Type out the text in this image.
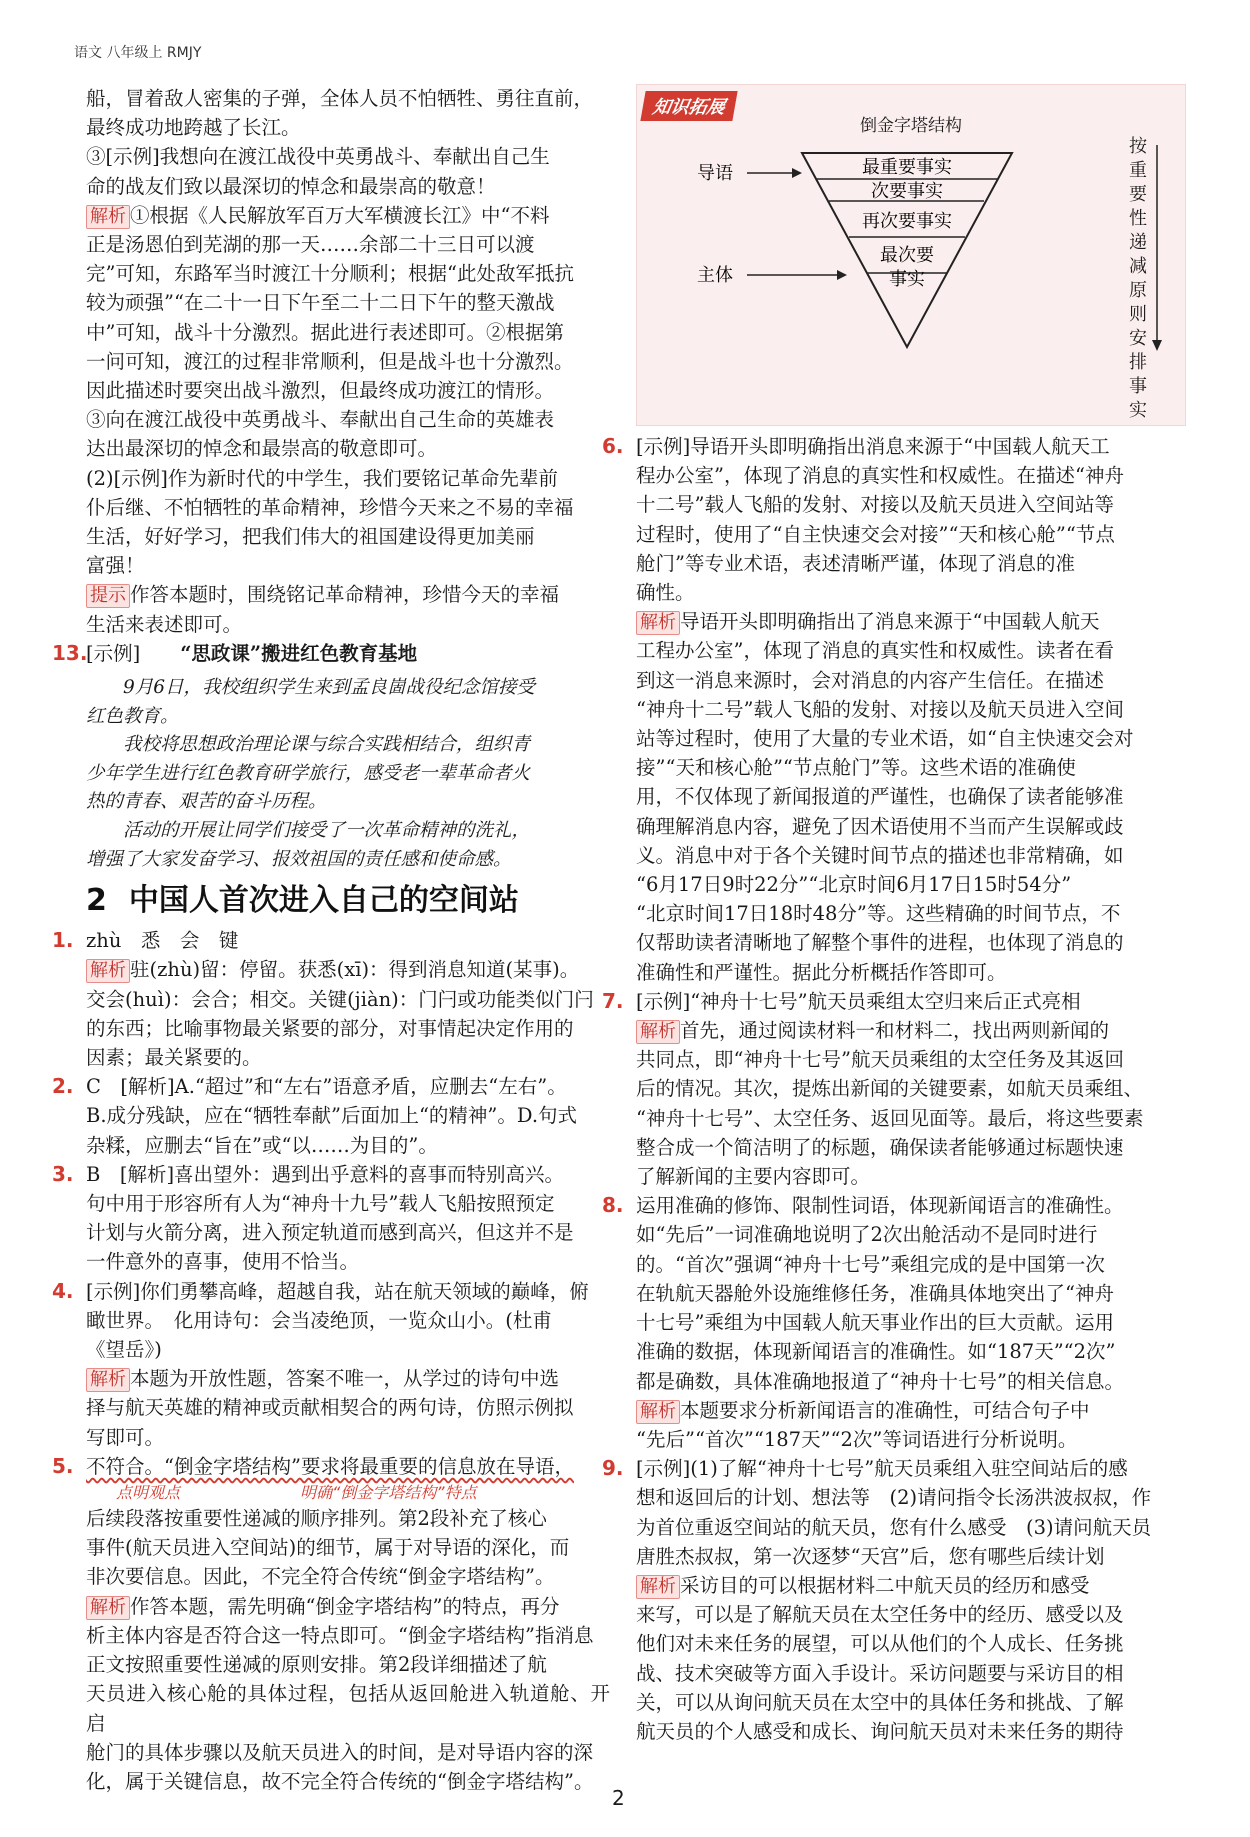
语文 八年级上 RMJY

船，冒着敌人密集的子弹，全体人员不怕牺牲、勇往直前，

最终成功地跨越了长江。

③[示例]我想向在渡江战役中英勇战斗、奉献出自己生

命的战友们致以最深切的悼念和最崇高的敬意！

解析 ①根据《人民解放军百万大军横渡长江》中“不料

正是汤恩伯到芜湖的那一天……余部二十三日可以渡

完”可知，东路军当时渡江十分顺利；根据“此处敌军抵抗

较为顽强”“在二十一日下午至二十二日下午的整天激战

中”可知，战斗十分激烈。据此进行表述即可。②根据第

一问可知，渡江的过程非常顺利，但是战斗也十分激烈。

因此描述时要突出战斗激烈，但最终成功渡江的情形。

③向在渡江战役中英勇战斗、奉献出自己生命的英雄表

达出最深切的悼念和最崇高的敬意即可。

(2)[示例]作为新时代的中学生，我们要铭记革命先辈前

仆后继、不怕牺牲的革命精神，珍惜今天来之不易的幸福

生活，好好学习，把我们伟大的祖国建设得更加美丽

富强！

提示 作答本题时，围绕铭记革命精神，珍惜今天的幸福

生活来表述即可。

13.[示例] “思政课”搬进红色教育基地

9月6日，我校组织学生来到孟良崮战役纪念馆接受

红色教育。

我校将思想政治理论课与综合实践相结合，组织青

少年学生进行红色教育研学旅行，感受老一辈革命者火

热的青春、艰苦的奋斗历程。

活动的开展让同学们接受了一次革命精神的洗礼，

增强了大家发奋学习、报效祖国的责任感和使命感。

2 中国人首次进入自己的空间站

1. zhù　悉　会　键

解析 驻(zhù)留：停留。获悉(xī)：得到消息知道(某事)。

交会(huì)：会合；相交。关键(jiàn)：门闩或功能类似门闩

的东西；比喻事物最关紧要的部分，对事情起决定作用的

因素；最关紧要的。

2. C　[解析]A.“超过”和“左右”语意矛盾，应删去“左右”。

B.成分残缺，应在“牺牲奉献”后面加上“的精神”。D.句式

杂糅，应删去“旨在”或“以……为目的”。

3. B　[解析]喜出望外：遇到出乎意料的喜事而特别高兴。

句中用于形容所有人为“神舟十九号”载人飞船按照预定

计划与火箭分离，进入预定轨道而感到高兴，但这并不是

一件意外的喜事，使用不恰当。

4. [示例]你们勇攀高峰，超越自我，站在航天领域的巅峰，俯

瞰世界。　化用诗句：会当凌绝顶，一览众山小。(杜甫

《望岳》)

解析 本题为开放性题，答案不唯一，从学过的诗句中选

择与航天英雄的精神或贡献相契合的两句诗，仿照示例拟

写即可。

5. 不符合。“倒金字塔结构”要求将最重要的信息放在导语，

点明观点	明确“倒金字塔结构”特点

后续段落按重要性递减的顺序排列。第2段补充了核心

事件(航天员进入空间站)的细节，属于对导语的深化，而

非次要信息。因此，不完全符合传统“倒金字塔结构”。

解析 作答本题，需先明确“倒金字塔结构”的特点，再分

析主体内容是否符合这一特点即可。“倒金字塔结构”指消息

正文按照重要性递减的原则安排。第2段详细描述了航

天员进入核心舱的具体过程，包括从返回舱进入轨道舱、开启

舱门的具体步骤以及航天员进入的时间，是对导语内容的深

化，属于关键信息，故不完全符合传统的“倒金字塔结构”。

知识拓展
倒金字塔结构
导语
主体
最重要事实
次要事实
再次要事实
最次要
事实
按重要性递减原则安排事实

6. [示例]导语开头即明确指出消息来源于“中国载人航天工

程办公室”，体现了消息的真实性和权威性。在描述“神舟

十二号”载人飞船的发射、对接以及航天员进入空间站等

过程时，使用了“自主快速交会对接”“天和核心舱”“节点

舱门”等专业术语，表述清晰严谨，体现了消息的准

确性。

解析 导语开头即明确指出了消息来源于“中国载人航天

工程办公室”，体现了消息的真实性和权威性。读者在看

到这一消息来源时，会对消息的内容产生信任。在描述

“神舟十二号”载人飞船的发射、对接以及航天员进入空间

站等过程时，使用了大量的专业术语，如“自主快速交会对

接”“天和核心舱”“节点舱门”等。这些术语的准确使

用，不仅体现了新闻报道的严谨性，也确保了读者能够准

确理解消息内容，避免了因术语使用不当而产生误解或歧

义。消息中对于各个关键时间节点的描述也非常精确，如

“6月17日9时22分”“北京时间6月17日15时54分”

“北京时间17日18时48分”等。这些精确的时间节点，不

仅帮助读者清晰地了解整个事件的进程，也体现了消息的

准确性和严谨性。据此分析概括作答即可。

7. [示例]“神舟十七号”航天员乘组太空归来后正式亮相

解析 首先，通过阅读材料一和材料二，找出两则新闻的

共同点，即“神舟十七号”航天员乘组的太空任务及其返回

后的情况。其次，提炼出新闻的关键要素，如航天员乘组、

“神舟十七号”、太空任务、返回见面等。最后，将这些要素

整合成一个简洁明了的标题，确保读者能够通过标题快速

了解新闻的主要内容即可。

8. 运用准确的修饰、限制性词语，体现新闻语言的准确性。

如“先后”一词准确地说明了2次出舱活动不是同时进行

的。“首次”强调“神舟十七号”乘组完成的是中国第一次

在轨航天器舱外设施维修任务，准确具体地突出了“神舟

十七号”乘组为中国载人航天事业作出的巨大贡献。运用

准确的数据，体现新闻语言的准确性。如“187天”“2次”

都是确数，具体准确地报道了“神舟十七号”的相关信息。

解析 本题要求分析新闻语言的准确性，可结合句子中

“先后”“首次”“187天”“2次”等词语进行分析说明。

9. [示例](1)了解“神舟十七号”航天员乘组入驻空间站后的感

想和返回后的计划、想法等　(2)请问指令长汤洪波叔叔，作

为首位重返空间站的航天员，您有什么感受　(3)请问航天员

唐胜杰叔叔，第一次逐梦“天宫”后，您有哪些后续计划

解析 采访目的可以根据材料二中航天员的经历和感受

来写，可以是了解航天员在太空任务中的经历、感受以及

他们对未来任务的展望，可以从他们的个人成长、任务挑

战、技术突破等方面入手设计。采访问题要与采访目的相

关，可以从询问航天员在太空中的具体任务和挑战、了解

航天员的个人感受和成长、询问航天员对未来任务的期待

2
